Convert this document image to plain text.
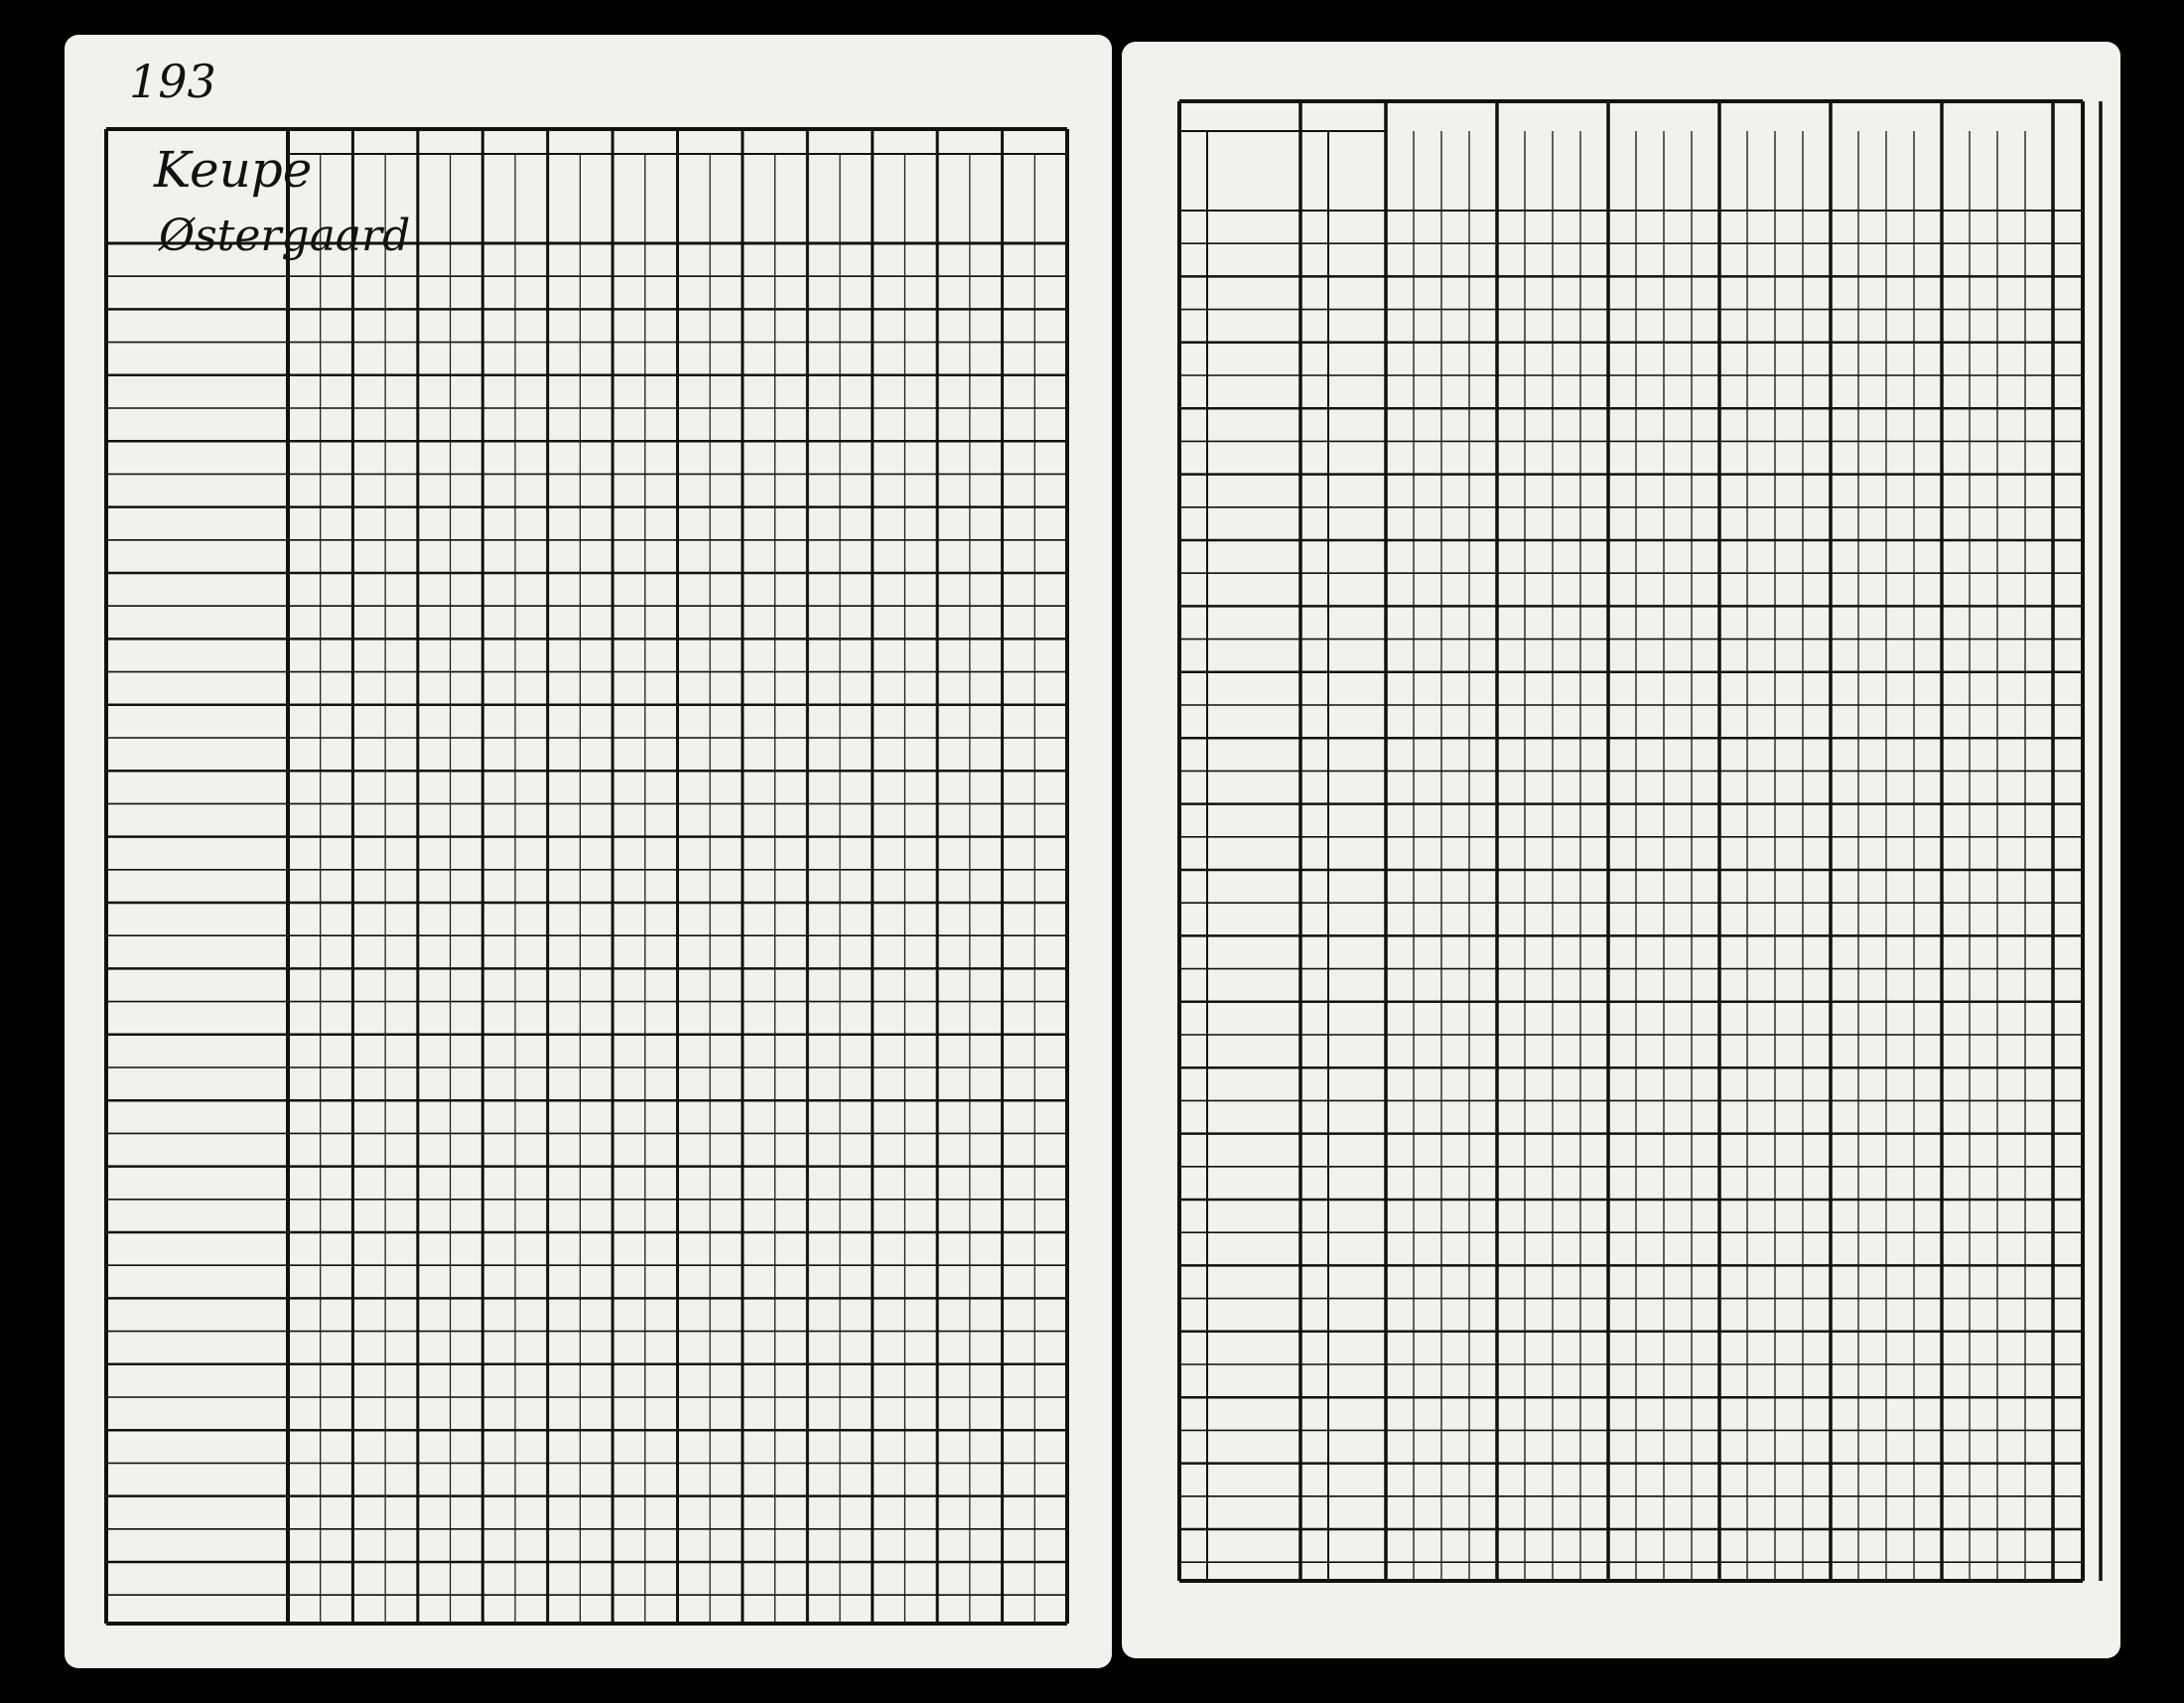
193
Keupe
Østergaard
